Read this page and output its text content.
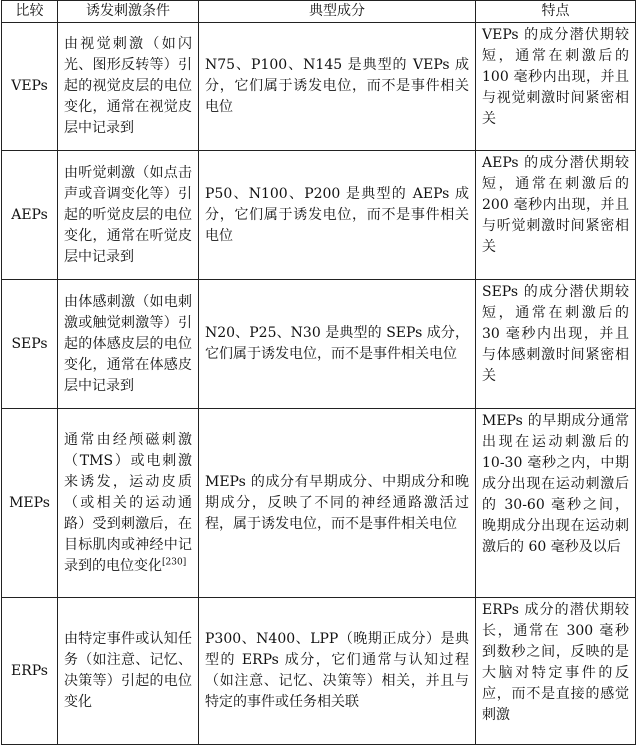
比较	诱发刺激条件	典型成分	特点
VEPs	由视觉刺激（如闪光、图形反转等）引起的视觉皮层的电位变化，通常在视觉皮层中记录到	N75、P100、N145 是典型的 VEPs 成分，它们属于诱发电位，而不是事件相关电位	VEPs 的成分潜伏期较短，通常在刺激后的 100 毫秒内出现，并且与视觉刺激时间紧密相关
AEPs	由听觉刺激（如点击声或音调变化等）引起的听觉皮层的电位变化，通常在听觉皮层中记录到	P50、N100、P200 是典型的 AEPs 成分，它们属于诱发电位，而不是事件相关电位	AEPs 的成分潜伏期较短，通常在刺激后的 200 毫秒内出现，并且与听觉刺激时间紧密相关
SEPs	由体感刺激（如电刺激或触觉刺激等）引起的体感皮层的电位变化，通常在体感皮层中记录到	N20、P25、N30 是典型的 SEPs 成分，它们属于诱发电位，而不是事件相关电位	SEPs 的成分潜伏期较短，通常在刺激后的 30 毫秒内出现，并且与体感刺激时间紧密相关
MEPs	通常由经颅磁刺激（TMS）或电刺激来诱发，运动皮质（或相关的运动通路）受到刺激后，在目标肌肉或神经中记录到的电位变化[230]	MEPs 的成分有早期成分、中期成分和晚期成分，反映了不同的神经通路激活过程，属于诱发电位，而不是事件相关电位	MEPs 的早期成分通常出现在运动刺激后的 10-30 毫秒之内，中期成分出现在运动刺激后的 30-60 毫秒之间，晚期成分出现在运动刺激后的 60 毫秒及以后
ERPs	由特定事件或认知任务（如注意、记忆、决策等）引起的电位变化	P300、N400、LPP（晚期正成分）是典型的 ERPs 成分，它们通常与认知过程（如注意、记忆、决策等）相关，并且与特定的事件或任务相关联	ERPs 成分的潜伏期较长，通常在 300 毫秒到数秒之间，反映的是大脑对特定事件的反应，而不是直接的感觉刺激
